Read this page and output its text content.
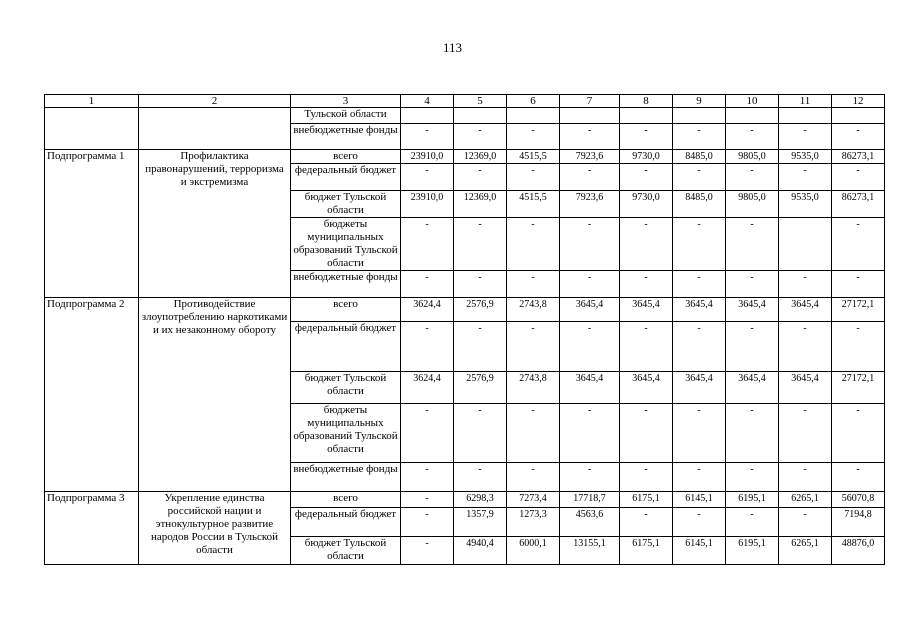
113
1	2	3	4	5	6	7	8	9	10	11	12
		Тульской области									
		внебюджетные фонды	-	-	-	-	-	-	-	-	-
Подпрограмма 1	Профилактика правонарушений, терроризма и экстремизма	всего	23910,0	12369,0	4515,5	7923,6	9730,0	8485,0	9805,0	9535,0	86273,1
		федеральный бюджет	-	-	-	-	-	-	-	-	-
		бюджет Тульской области	23910,0	12369,0	4515,5	7923,6	9730,0	8485,0	9805,0	9535,0	86273,1
		бюджеты муниципальных образований Тульской области	-	-	-	-	-	-	-		-
		внебюджетные фонды	-	-	-	-	-	-	-	-	-
Подпрограмма 2	Противодействие злоупотреблению наркотиками и их незаконному обороту	всего	3624,4	2576,9	2743,8	3645,4	3645,4	3645,4	3645,4	3645,4	27172,1
		федеральный бюджет	-	-	-	-	-	-	-	-	-
		бюджет Тульской области	3624,4	2576,9	2743,8	3645,4	3645,4	3645,4	3645,4	3645,4	27172,1
		бюджеты муниципальных образований Тульской области	-	-	-	-	-	-	-	-	-
		внебюджетные фонды	-	-	-	-	-	-	-	-	-
Подпрограмма 3	Укрепление единства российской нации и этнокультурное развитие народов России в Тульской области	всего	-	6298,3	7273,4	17718,7	6175,1	6145,1	6195,1	6265,1	56070,8
		федеральный бюджет	-	1357,9	1273,3	4563,6	-	-	-	-	7194,8
		бюджет Тульской области	-	4940,4	6000,1	13155,1	6175,1	6145,1	6195,1	6265,1	48876,0
